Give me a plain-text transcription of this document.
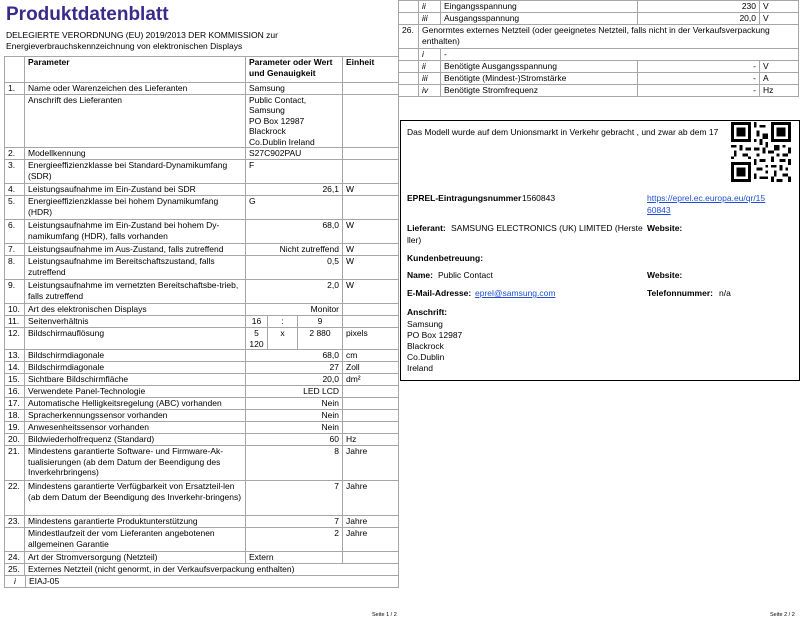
Produktdatenblatt
DELEGIERTE VERORDNUNG (EU) 2019/2013 DER KOMMISSION zur Energieverbrauchskennzeichnung von elektronischen Displays
	Parameter	Parameter oder Wert und Genauigkeit	Einheit
1.	Name oder Warenzeichen des Lieferanten	Samsung	
	Anschrift des Lieferanten	Public Contact, Samsung
PO Box 12987 Blackrock
Co.Dublin Ireland

2.	Modellkennung	S27C902PAU	
3.	Energieeffizienzklasse bei Standard-Dynamikumfang (SDR)	F	
4.	Leistungsaufnahme im Ein-Zustand bei SDR	26,1	W
5.	Energieeffizienzklasse bei hohem Dynamikumfang (HDR)	G	
6.	Leistungsaufnahme im Ein-Zustand bei hohem Dy-namikumfang (HDR), falls vorhanden	68,0	W
7.	Leistungsaufnahme im Aus-Zustand, falls zutreffend	Nicht zutreffend	W
8.	Leistungsaufnahme im Bereitschaftszustand, falls zutreffend	0,5	W
9.	Leistungsaufnahme im vernetzten Bereitschaftsbe-trieb, falls zutreffend	2,0	W
10.	Art des elektronischen Displays	Monitor	
11.	Seitenverhältnis	16	:	9	
12.	Bildschirmauflösung	5 120	x	2 880	pixels
13.	Bildschirmdiagonale	68,0	cm
14.	Bildschirmdiagonale	27	Zoll
15.	Sichtbare Bildschirmfläche	20,0	dm²
16.	Verwendete Panel-Technologie	LED LCD	
17.	Automatische Helligkeitsregelung (ABC) vorhanden	Nein	
18.	Spracherkennungssensor vorhanden	Nein	
19.	Anwesenheitssensor vorhanden	Nein	
20.	Bildwiederholfrequenz (Standard)	60	Hz
21.	Mindestens garantierte Software- und Firmware-Ak-tualisierungen (ab dem Datum der Beendigung des Inverkehrbringens)	8	Jahre
22.	Mindestens garantierte Verfügbarkeit von Ersatzteil-len (ab dem Datum der Beendigung des Inverkehr-bringens)	7	Jahre
23.	Mindestens garantierte Produktunterstützung	7	Jahre
	Mindestlaufzeit der vom Lieferanten angebotenen allgemeinen Garantie	2	Jahre
24.	Art der Stromversorgung (Netzteil)	Extern	
25.	Externes Netzteil (nicht genormt, in der Verkaufsverpackung enthalten)

i	EIAJ-05
Seite 1 / 2
	ii	Eingangsspannung	230	V
	iii	Ausgangsspannung	20,0	V
26.	Genormtes externes Netzteil (oder geeignetes Netzteil, falls nicht in der Verkaufsverpackung enthalten)			
	i	-		
	ii	Benötigte Ausgangsspannung	-	V
	iii	Benötigte (Mindest-)Stromstärke	-	A
	iv	Benötigte Stromfrequenz	-	Hz
Das Modell wurde auf dem Unionsmarkt in Verkehr gebracht , und zwar ab dem 17
EPREL-Eintragungsnummer 1560843	https://eprel.ec.europa.eu/qr/15
60843
Lieferant: SAMSUNG ELECTRONICS (UK) LIMITED (Herste
ller)
Website:
Kundenbetreuung:
Name: Public Contact	Website:
E-Mail-Adresse: eprel@samsung.com	Telefonnummer: n/a
Anschrift:
Samsung
PO Box 12987
Blackrock
Co.Dublin
Ireland
Seite 2 / 2
